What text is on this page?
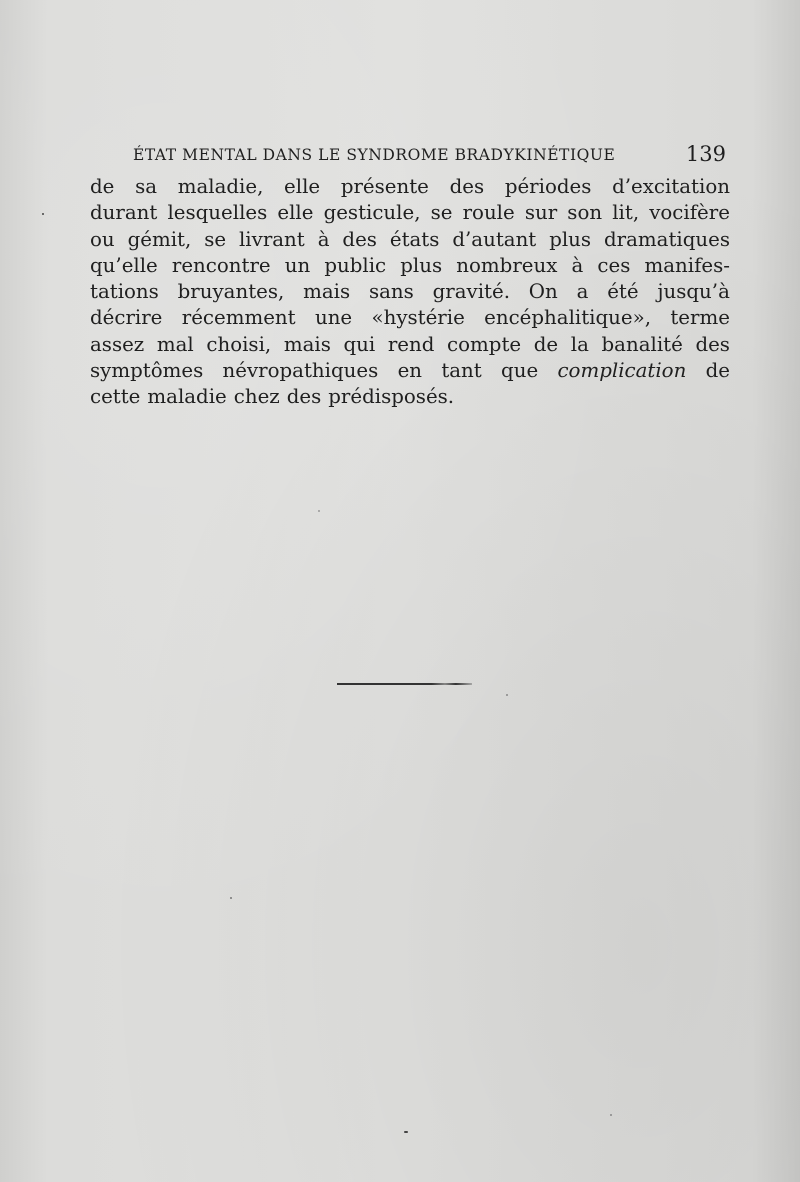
ÉTAT MENTAL DANS LE SYNDROME BRADYKINÉTIQUE	139
de sa maladie, elle présente des périodes d’excitation
durant lesquelles elle gesticule, se roule sur son lit, vocifère
ou gémit, se livrant à des états d’autant plus dramatiques
qu’elle rencontre un public plus nombreux à ces manifes-
tations bruyantes, mais sans gravité. On a été jusqu’à
décrire récemment une «hystérie encéphalitique», terme
assez mal choisi, mais qui rend compte de la banalité des
symptômes névropathiques en tant que complication de
cette maladie chez des prédisposés.
